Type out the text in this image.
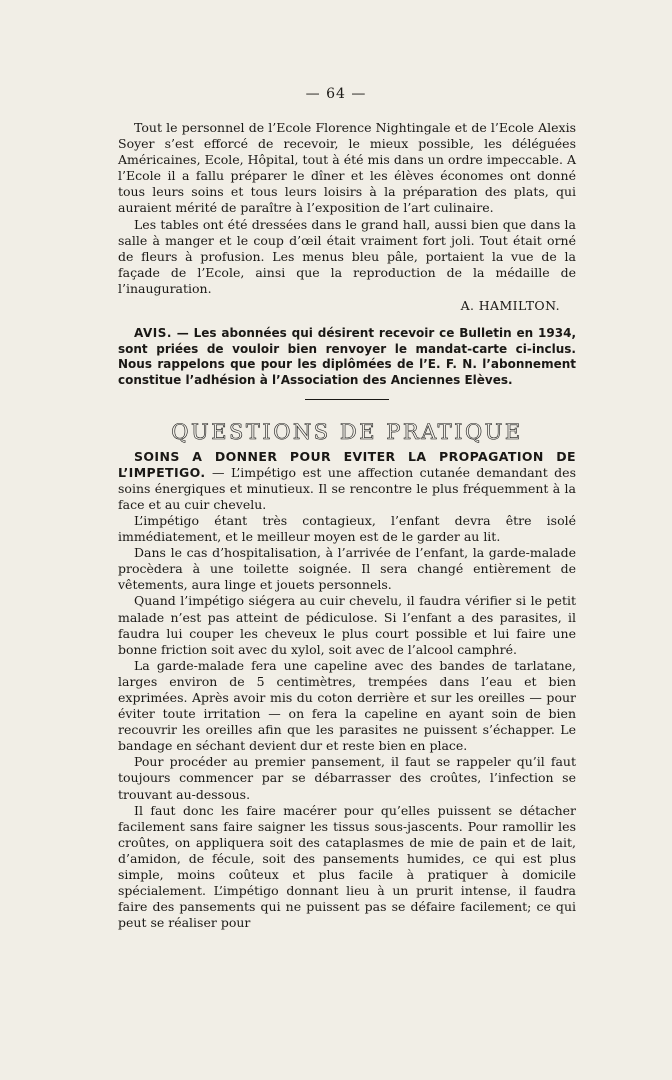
— 64 —

Tout le personnel de l’Ecole Florence Nightingale et de l’Ecole Alexis Soyer s’est efforcé de recevoir, le mieux possible, les déléguées Américaines, Ecole, Hôpital, tout à été mis dans un ordre impeccable. A l’Ecole il a fallu préparer le dîner et les élèves économes ont donné tous leurs soins et tous leurs loisirs à la préparation des plats, qui auraient mérité de paraître à l’exposition de l’art culinaire.

Les tables ont été dressées dans le grand hall, aussi bien que dans la salle à manger et le coup d’œil était vraiment fort joli. Tout était orné de fleurs à profusion. Les menus bleu pâle, portaient la vue de la façade de l’Ecole, ainsi que la reproduction de la médaille de l’inauguration.

A. HAMILTON.
AVIS. — Les abonnées qui désirent recevoir ce Bulletin en 1934, sont priées de vouloir bien renvoyer le mandat-carte ci-inclus. Nous rappelons que pour les diplômées de l’E. F. N. l’abonnement constitue l’adhésion à l’Association des Anciennes Elèves.
QUESTIONS DE PRATIQUE
SOINS A DONNER POUR EVITER LA PROPAGATION DE L’IMPETIGO. — L’impétigo est une affection cutanée demandant des soins énergiques et minutieux. Il se rencontre le plus fréquemment à la face et au cuir chevelu.

L’impétigo étant très contagieux, l’enfant devra être isolé immédiatement, et le meilleur moyen est de le garder au lit.

Dans le cas d’hospitalisation, à l’arrivée de l’enfant, la garde-malade procèdera à une toilette soignée. Il sera changé entièrement de vêtements, aura linge et jouets personnels.

Quand l’impétigo siégera au cuir chevelu, il faudra vérifier si le petit malade n’est pas atteint de pédiculose. Si l’enfant a des parasites, il faudra lui couper les cheveux le plus court possible et lui faire une bonne friction soit avec du xylol, soit avec de l’alcool camphré.

La garde-malade fera une capeline avec des bandes de tarlatane, larges environ de 5 centimètres, trempées dans l’eau et bien exprimées. Après avoir mis du coton derrière et sur les oreilles — pour éviter toute irritation — on fera la capeline en ayant soin de bien recouvrir les oreilles afin que les parasites ne puissent s’échapper. Le bandage en séchant devient dur et reste bien en place.

Pour procéder au premier pansement, il faut se rappeler qu’il faut toujours commencer par se débarrasser des croûtes, l’infection se trouvant au-dessous.

Il faut donc les faire macérer pour qu’elles puissent se détacher facilement sans faire saigner les tissus sous-jascents. Pour ramollir les croûtes, on appliquera soit des cataplasmes de mie de pain et de lait, d’amidon, de fécule, soit des pansements humides, ce qui est plus simple, moins coûteux et plus facile à pratiquer à domicile spécialement. L’impétigo donnant lieu à un prurit intense, il faudra faire des pansements qui ne puissent pas se défaire facilement; ce qui peut se réaliser pour
